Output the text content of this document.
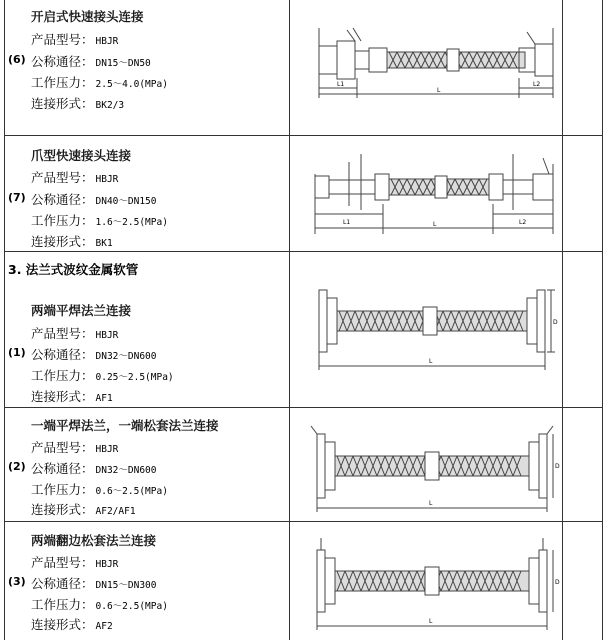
开启式快速接头连接
产品型号： HBJR
(6) 公称通径： DN15～DN50
工作压力： 2.5～4.0(MPa)
连接形式： BK2/3
L1
L
L2
爪型快速接头连接
产品型号： HBJR
(7) 公称通径： DN40～DN150
工作压力： 1.6～2.5(MPa)
连接形式： BK1
L1	L	L2
3. 法兰式波纹金属软管
两端平焊法兰连接
产品型号： HBJR
(1) 公称通径： DN32～DN600
工作压力： 0.25～2.5(MPa)
连接形式： AF1
L
D
一端平焊法兰，一端松套法兰连接
产品型号： HBJR
(2) 公称通径： DN32～DN600
工作压力： 0.6～2.5(MPa)
连接形式： AF2/AF1
L
D
两端翻边松套法兰连接
产品型号： HBJR
(3) 公称通径： DN15～DN300
工作压力： 0.6～2.5(MPa)
连接形式： AF2	L
D
